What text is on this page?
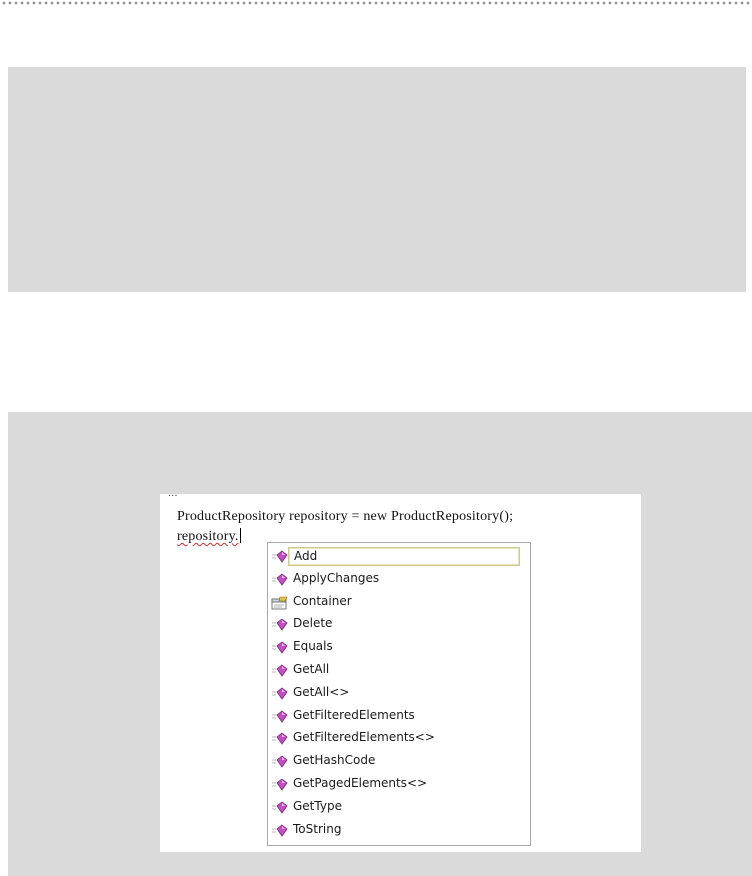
...
ProductRepository repository = new ProductRepository();
repository.
Add
ApplyChanges
Container
Delete
Equals
GetAll
GetAll<>
GetFilteredElements
GetFilteredElements<>
GetHashCode
GetPagedElements<>
GetType
ToString
